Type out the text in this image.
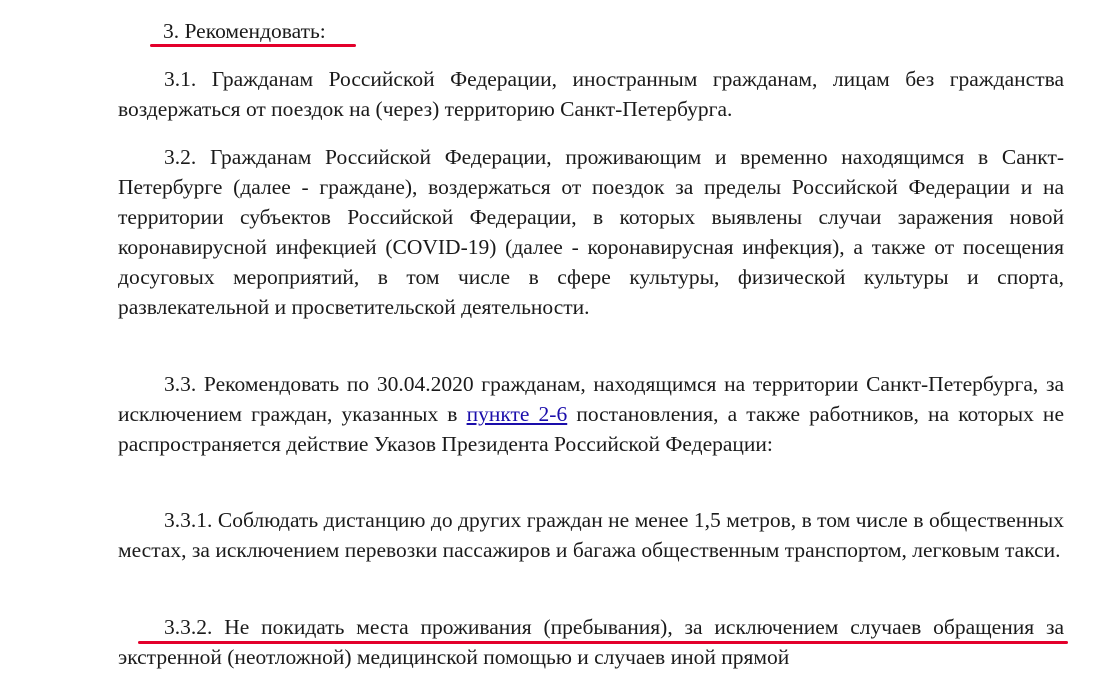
3. Рекомендовать:

3.1. Гражданам Российской Федерации, иностранным гражданам, лицам без гражданства воздержаться от поездок на (через) территорию Санкт-Петербурга.

3.2. Гражданам Российской Федерации, проживающим и временно находящимся в Санкт-Петербурге (далее - граждане), воздержаться от поездок за пределы Российской Федерации и на территории субъектов Российской Федерации, в которых выявлены случаи заражения новой коронавирусной инфекцией (COVID-19) (далее - коронавирусная инфекция), а также от посещения досуговых мероприятий, в том числе в сфере культуры, физической культуры и спорта, развлекательной и просветительской деятельности.

3.3. Рекомендовать по 30.04.2020 гражданам, находящимся на территории Санкт-Петербурга, за исключением граждан, указанных в пункте 2-6 постановления, а также работников, на которых не распространяется действие Указов Президента Российской Федерации:

3.3.1. Соблюдать дистанцию до других граждан не менее 1,5 метров, в том числе в общественных местах, за исключением перевозки пассажиров и багажа общественным транспортом, легковым такси.

3.3.2. Не покидать места проживания (пребывания), за исключением случаев обращения за экстренной (неотложной) медицинской помощью и случаев иной прямой
